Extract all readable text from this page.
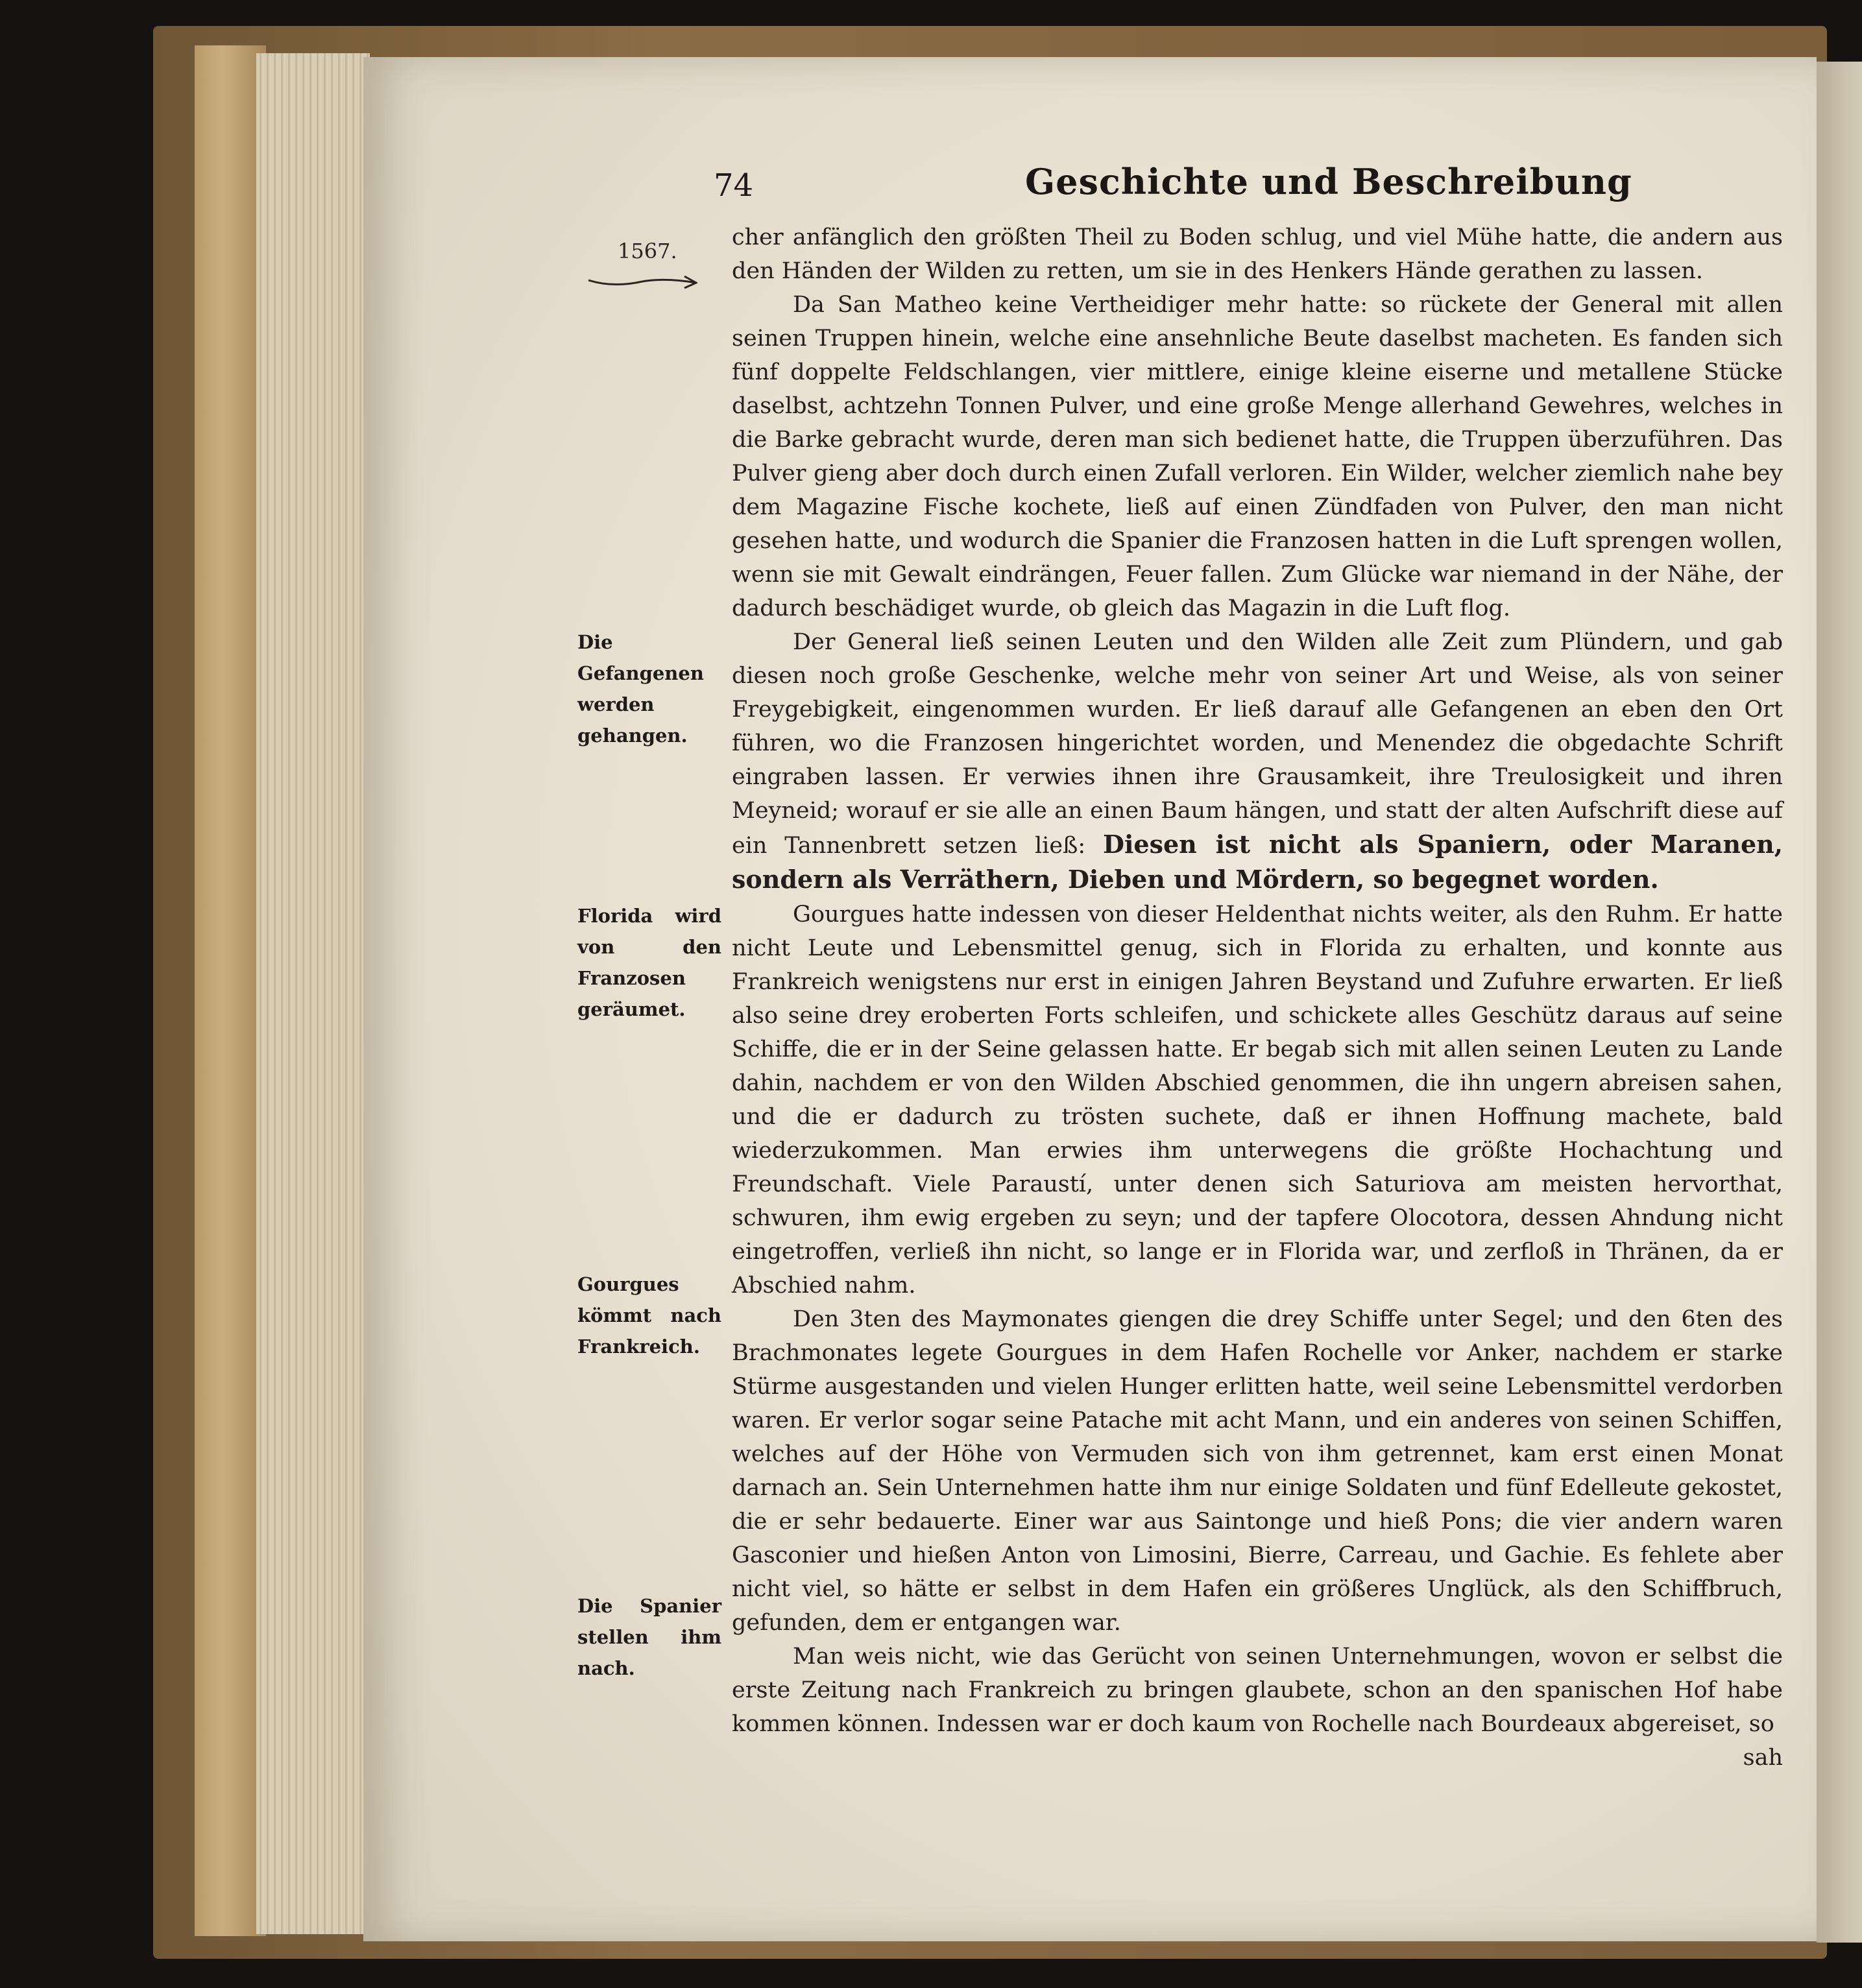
74	Geschichte und Beschreibung
1567.
Die Gefangenen werden gehangen.
Florida wird von den Franzosen geräumet.
Gourgues kömmt nach Frankreich.
Die Spanier stellen ihm nach.

cher anfänglich den größten Theil zu Boden schlug, und viel Mühe hatte, die andern aus den Händen der Wilden zu retten, um sie in des Henkers Hände gerathen zu lassen.

Da San Matheo keine Vertheidiger mehr hatte: so rückete der General mit allen seinen Truppen hinein, welche eine ansehnliche Beute daselbst macheten. Es fanden sich fünf doppelte Feldschlangen, vier mittlere, einige kleine eiserne und metallene Stücke daselbst, achtzehn Tonnen Pulver, und eine große Menge allerhand Gewehres, welches in die Barke gebracht wurde, deren man sich bedienet hatte, die Truppen überzuführen. Das Pulver gieng aber doch durch einen Zufall verloren. Ein Wilder, welcher ziemlich nahe bey dem Magazine Fische kochete, ließ auf einen Zündfaden von Pulver, den man nicht gesehen hatte, und wodurch die Spanier die Franzosen hatten in die Luft sprengen wollen, wenn sie mit Gewalt eindrängen, Feuer fallen. Zum Glücke war niemand in der Nähe, der dadurch beschädiget wurde, ob gleich das Magazin in die Luft flog.

Der General ließ seinen Leuten und den Wilden alle Zeit zum Plündern, und gab diesen noch große Geschenke, welche mehr von seiner Art und Weise, als von seiner Freygebigkeit, eingenommen wurden. Er ließ darauf alle Gefangenen an eben den Ort führen, wo die Franzosen hingerichtet worden, und Menendez die obgedachte Schrift eingraben lassen. Er verwies ihnen ihre Grausamkeit, ihre Treulosigkeit und ihren Meyneid; worauf er sie alle an einen Baum hängen, und statt der alten Aufschrift diese auf ein Tannenbrett setzen ließ: Diesen ist nicht als Spaniern, oder Maranen, sondern als Verräthern, Dieben und Mördern, so begegnet worden.

Gourgues hatte indessen von dieser Heldenthat nichts weiter, als den Ruhm. Er hatte nicht Leute und Lebensmittel genug, sich in Florida zu erhalten, und konnte aus Frankreich wenigstens nur erst in einigen Jahren Beystand und Zufuhre erwarten. Er ließ also seine drey eroberten Forts schleifen, und schickete alles Geschütz daraus auf seine Schiffe, die er in der Seine gelassen hatte. Er begab sich mit allen seinen Leuten zu Lande dahin, nachdem er von den Wilden Abschied genommen, die ihn ungern abreisen sahen, und die er dadurch zu trösten suchete, daß er ihnen Hoffnung machete, bald wiederzukommen. Man erwies ihm unterwegens die größte Hochachtung und Freundschaft. Viele Paraustí, unter denen sich Saturiova am meisten hervorthat, schwuren, ihm ewig ergeben zu seyn; und der tapfere Olocotora, dessen Ahndung nicht eingetroffen, verließ ihn nicht, so lange er in Florida war, und zerfloß in Thränen, da er Abschied nahm.

Den 3ten des Maymonates giengen die drey Schiffe unter Segel; und den 6ten des Brachmonates legete Gourgues in dem Hafen Rochelle vor Anker, nachdem er starke Stürme ausgestanden und vielen Hunger erlitten hatte, weil seine Lebensmittel verdorben waren. Er verlor sogar seine Patache mit acht Mann, und ein anderes von seinen Schiffen, welches auf der Höhe von Vermuden sich von ihm getrennet, kam erst einen Monat darnach an. Sein Unternehmen hatte ihm nur einige Soldaten und fünf Edelleute gekostet, die er sehr bedauerte. Einer war aus Saintonge und hieß Pons; die vier andern waren Gasconier und hießen Anton von Limosini, Bierre, Carreau, und Gachie. Es fehlete aber nicht viel, so hätte er selbst in dem Hafen ein größeres Unglück, als den Schiffbruch, gefunden, dem er entgangen war.

Man weis nicht, wie das Gerücht von seinen Unternehmungen, wovon er selbst die erste Zeitung nach Frankreich zu bringen glaubete, schon an den spanischen Hof habe kommen können. Indessen war er doch kaum von Rochelle nach Bourdeaux abgereiset, so

sah
